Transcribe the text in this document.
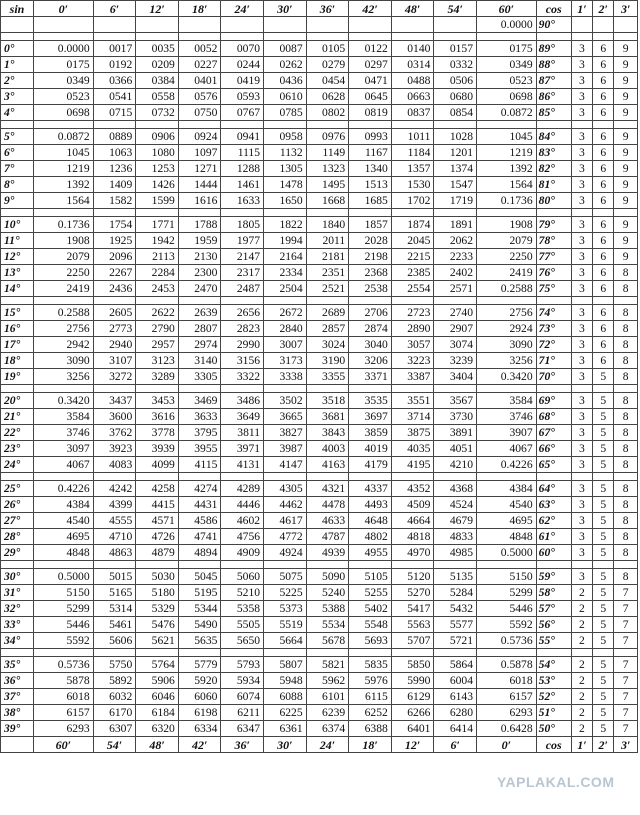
sin	0′	6′	12′	18′	24′	30′	36′	42′	48′	54′	60′	cos	1′	2′	3′
											0.0000	90°			

0°	0.0000	0017	0035	0052	0070	0087	0105	0122	0140	0157	0175	89°	3	6	9
1°	0175	0192	0209	0227	0244	0262	0279	0297	0314	0332	0349	88°	3	6	9
2°	0349	0366	0384	0401	0419	0436	0454	0471	0488	0506	0523	87°	3	6	9
3°	0523	0541	0558	0576	0593	0610	0628	0645	0663	0680	0698	86°	3	6	9
4°	0698	0715	0732	0750	0767	0785	0802	0819	0837	0854	0.0872	85°	3	6	9

5°	0.0872	0889	0906	0924	0941	0958	0976	0993	1011	1028	1045	84°	3	6	9
6°	1045	1063	1080	1097	1115	1132	1149	1167	1184	1201	1219	83°	3	6	9
7°	1219	1236	1253	1271	1288	1305	1323	1340	1357	1374	1392	82°	3	6	9
8°	1392	1409	1426	1444	1461	1478	1495	1513	1530	1547	1564	81°	3	6	9
9°	1564	1582	1599	1616	1633	1650	1668	1685	1702	1719	0.1736	80°	3	6	9

10°	0.1736	1754	1771	1788	1805	1822	1840	1857	1874	1891	1908	79°	3	6	9
11°	1908	1925	1942	1959	1977	1994	2011	2028	2045	2062	2079	78°	3	6	9
12°	2079	2096	2113	2130	2147	2164	2181	2198	2215	2233	2250	77°	3	6	9
13°	2250	2267	2284	2300	2317	2334	2351	2368	2385	2402	2419	76°	3	6	8
14°	2419	2436	2453	2470	2487	2504	2521	2538	2554	2571	0.2588	75°	3	6	8

15°	0.2588	2605	2622	2639	2656	2672	2689	2706	2723	2740	2756	74°	3	6	8
16°	2756	2773	2790	2807	2823	2840	2857	2874	2890	2907	2924	73°	3	6	8
17°	2942	2940	2957	2974	2990	3007	3024	3040	3057	3074	3090	72°	3	6	8
18°	3090	3107	3123	3140	3156	3173	3190	3206	3223	3239	3256	71°	3	6	8
19°	3256	3272	3289	3305	3322	3338	3355	3371	3387	3404	0.3420	70°	3	5	8

20°	0.3420	3437	3453	3469	3486	3502	3518	3535	3551	3567	3584	69°	3	5	8
21°	3584	3600	3616	3633	3649	3665	3681	3697	3714	3730	3746	68°	3	5	8
22°	3746	3762	3778	3795	3811	3827	3843	3859	3875	3891	3907	67°	3	5	8
23°	3097	3923	3939	3955	3971	3987	4003	4019	4035	4051	4067	66°	3	5	8
24°	4067	4083	4099	4115	4131	4147	4163	4179	4195	4210	0.4226	65°	3	5	8

25°	0.4226	4242	4258	4274	4289	4305	4321	4337	4352	4368	4384	64°	3	5	8
26°	4384	4399	4415	4431	4446	4462	4478	4493	4509	4524	4540	63°	3	5	8
27°	4540	4555	4571	4586	4602	4617	4633	4648	4664	4679	4695	62°	3	5	8
28°	4695	4710	4726	4741	4756	4772	4787	4802	4818	4833	4848	61°	3	5	8
29°	4848	4863	4879	4894	4909	4924	4939	4955	4970	4985	0.5000	60°	3	5	8

30°	0.5000	5015	5030	5045	5060	5075	5090	5105	5120	5135	5150	59°	3	5	8
31°	5150	5165	5180	5195	5210	5225	5240	5255	5270	5284	5299	58°	2	5	7
32°	5299	5314	5329	5344	5358	5373	5388	5402	5417	5432	5446	57°	2	5	7
33°	5446	5461	5476	5490	5505	5519	5534	5548	5563	5577	5592	56°	2	5	7
34°	5592	5606	5621	5635	5650	5664	5678	5693	5707	5721	0.5736	55°	2	5	7

35°	0.5736	5750	5764	5779	5793	5807	5821	5835	5850	5864	0.5878	54°	2	5	7
36°	5878	5892	5906	5920	5934	5948	5962	5976	5990	6004	6018	53°	2	5	7
37°	6018	6032	6046	6060	6074	6088	6101	6115	6129	6143	6157	52°	2	5	7
38°	6157	6170	6184	6198	6211	6225	6239	6252	6266	6280	6293	51°	2	5	7
39°	6293	6307	6320	6334	6347	6361	6374	6388	6401	6414	0.6428	50°	2	5	7
	60′	54′	48′	42′	36′	30′	24′	18′	12′	6′	0′	cos	1′	2′	3′
YAPLAKAL.COM
